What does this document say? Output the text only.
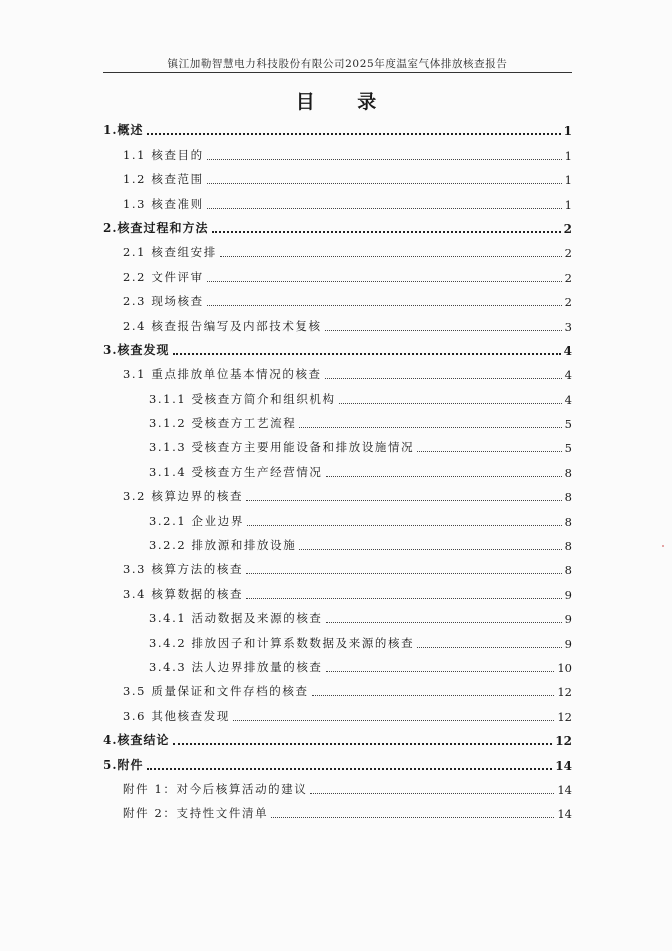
镇江加勒智慧电力科技股份有限公司2025年度温室气体排放核查报告
目 录
1.概述	1
1.1 核查目的	1
1.2 核查范围	1
1.3 核查准则	1
2.核查过程和方法	2
2.1 核查组安排	2
2.2 文件评审	2
2.3 现场核查	2
2.4 核查报告编写及内部技术复核	3
3.核查发现	4
3.1 重点排放单位基本情况的核查	4
3.1.1 受核查方简介和组织机构	4
3.1.2 受核查方工艺流程	5
3.1.3 受核查方主要用能设备和排放设施情况	5
3.1.4 受核查方生产经营情况	8
3.2 核算边界的核查	8
3.2.1 企业边界	8
3.2.2 排放源和排放设施	8
3.3 核算方法的核查	8
3.4 核算数据的核查	9
3.4.1 活动数据及来源的核查	9
3.4.2 排放因子和计算系数数据及来源的核查	9
3.4.3 法人边界排放量的核查	10
3.5 质量保证和文件存档的核查	12
3.6 其他核查发现	12
4.核查结论	12
5.附件	14
附件 1：对今后核算活动的建议	14
附件 2：支持性文件清单	14
